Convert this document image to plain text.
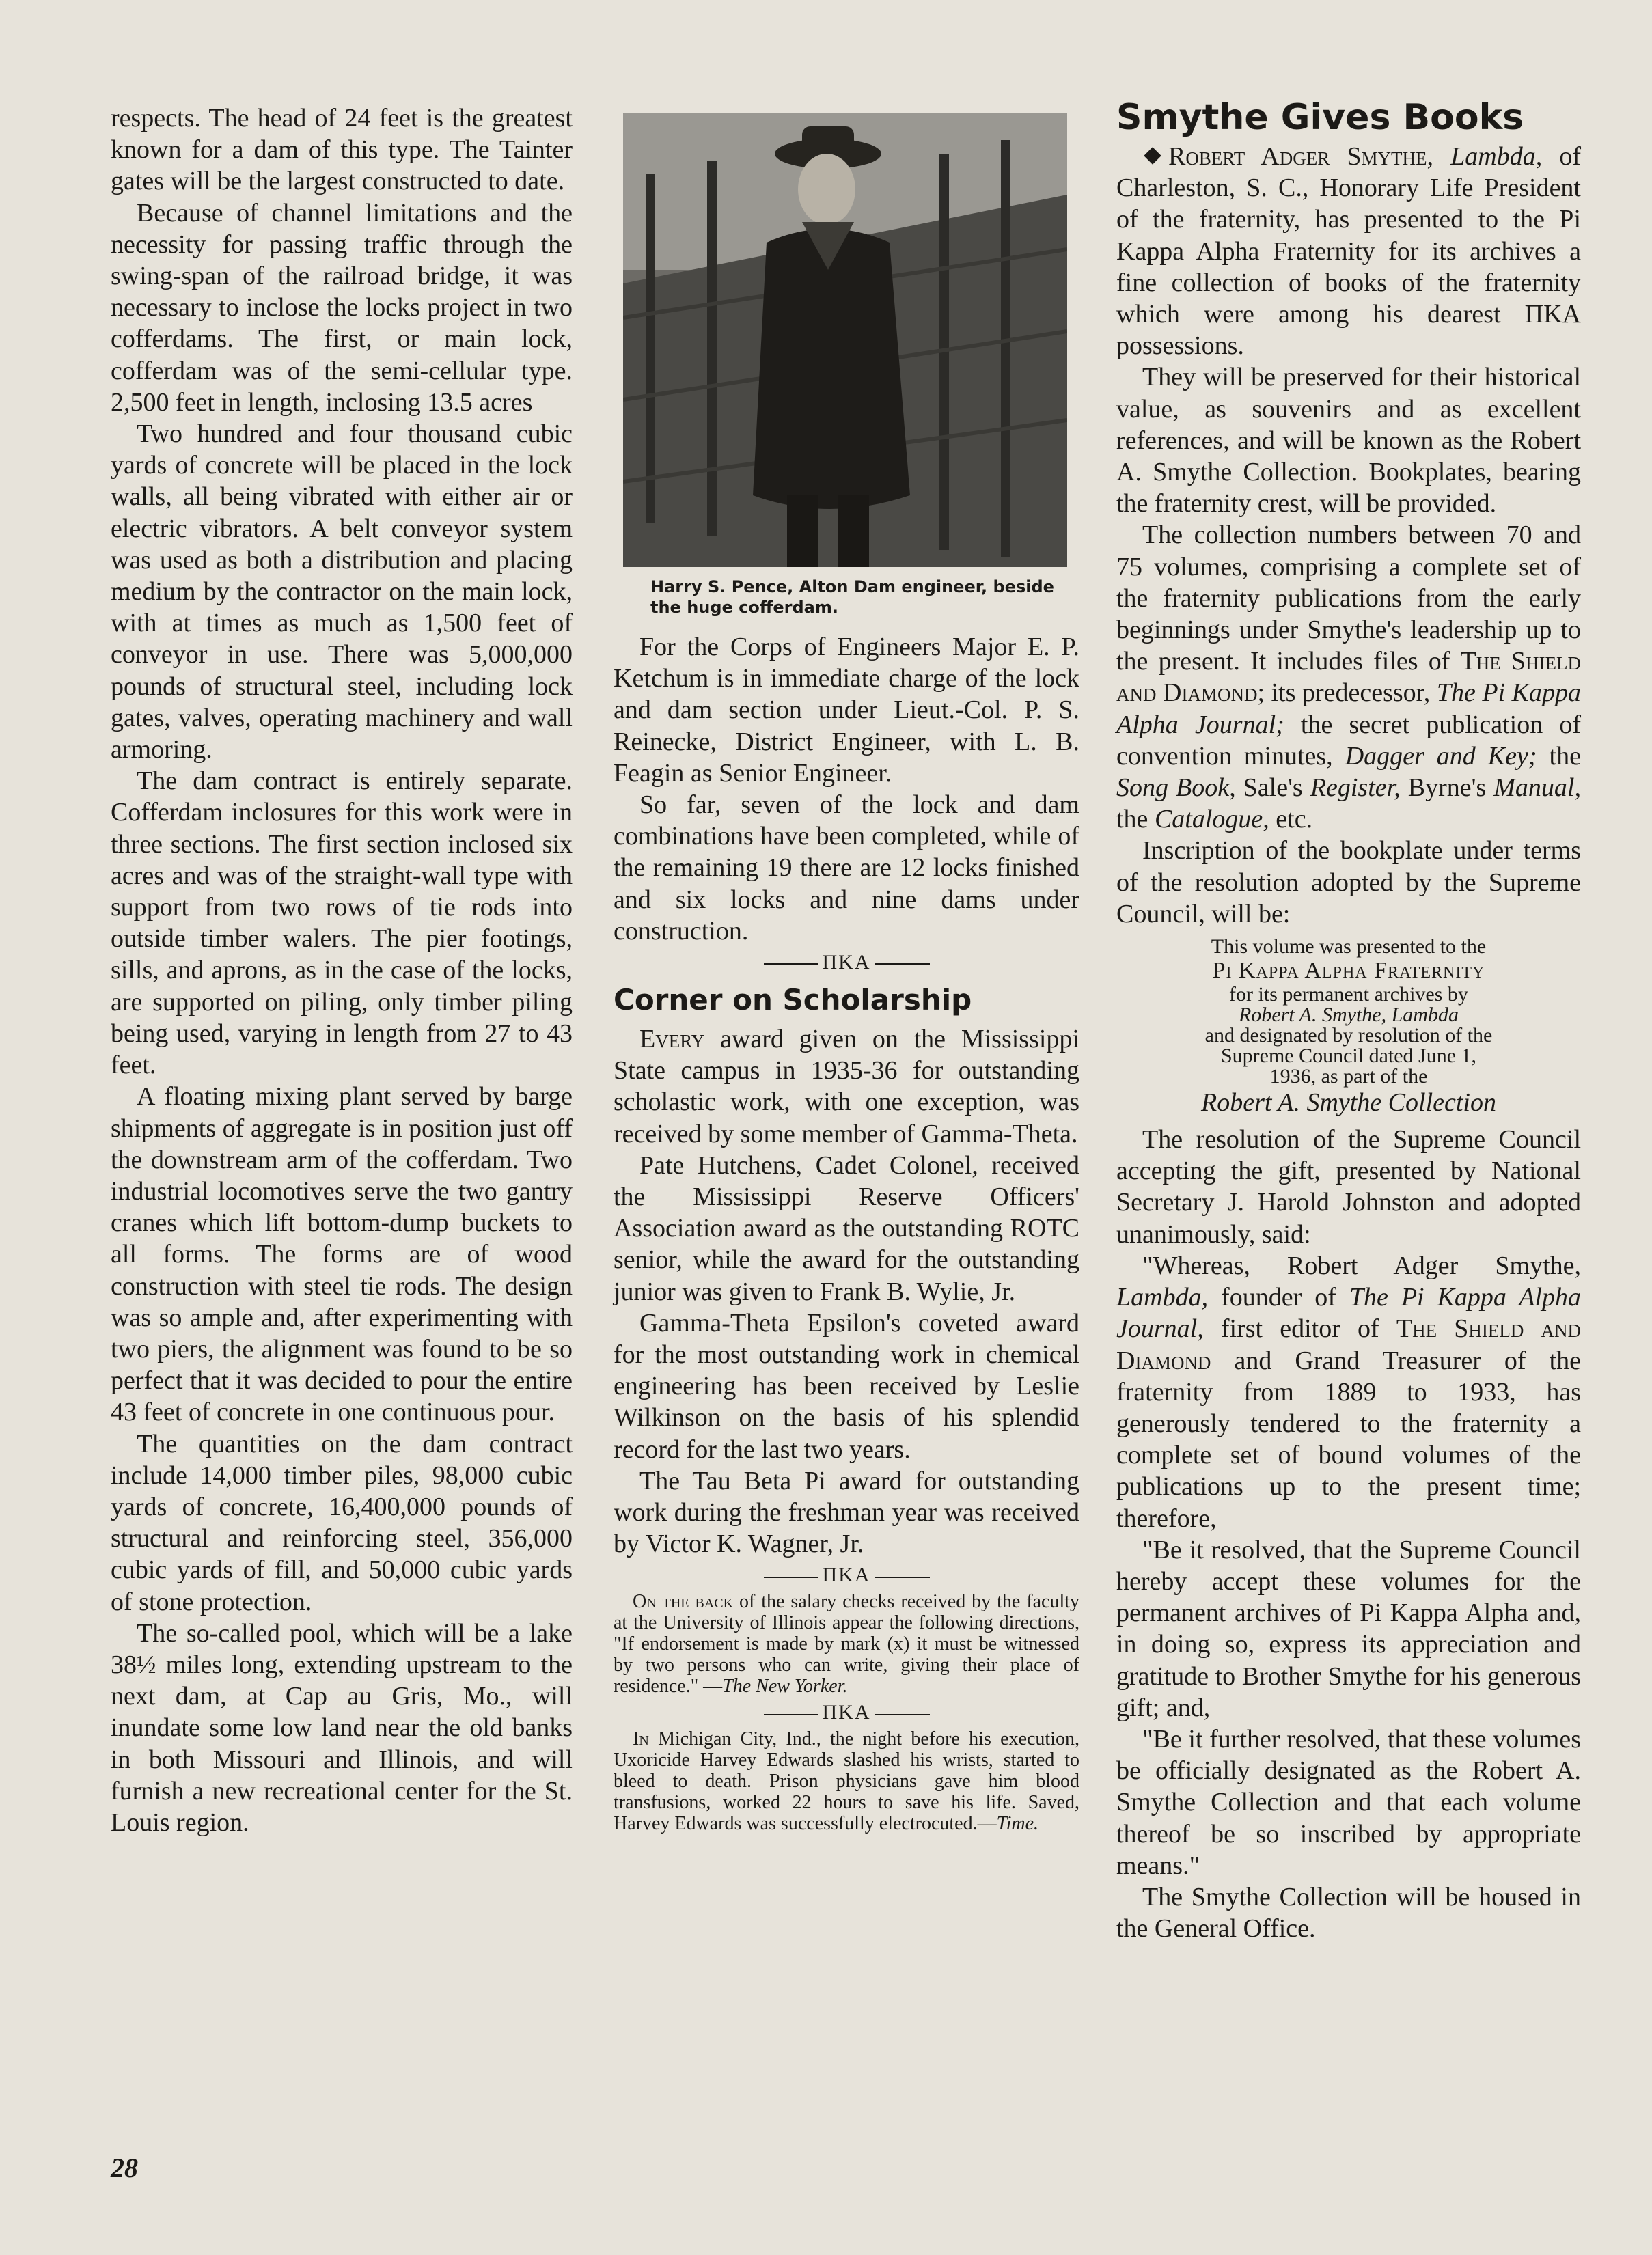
respects. The head of 24 feet is the greatest known for a dam of this type. The Tainter gates will be the largest constructed to date.

Because of channel limitations and the necessity for passing traffic through the swing-span of the railroad bridge, it was necessary to inclose the locks project in two cofferdams. The first, or main lock, cofferdam was of the semi-cellular type. 2,500 feet in length, inclosing 13.5 acres

Two hundred and four thousand cubic yards of concrete will be placed in the lock walls, all being vibrated with either air or electric vibrators. A belt conveyor system was used as both a distribution and placing medium by the contractor on the main lock, with at times as much as 1,500 feet of conveyor in use. There was 5,000,000 pounds of structural steel, including lock gates, valves, operating machinery and wall armoring.

The dam contract is entirely separate. Cofferdam inclosures for this work were in three sections. The first section inclosed six acres and was of the straight-wall type with support from two rows of tie rods into outside timber walers. The pier footings, sills, and aprons, as in the case of the locks, are supported on piling, only timber piling being used, varying in length from 27 to 43 feet.

A floating mixing plant served by barge shipments of aggregate is in position just off the downstream arm of the cofferdam. Two industrial locomotives serve the two gantry cranes which lift bottom-dump buckets to all forms. The forms are of wood construction with steel tie rods. The design was so ample and, after experimenting with two piers, the alignment was found to be so perfect that it was decided to pour the entire 43 feet of concrete in one continuous pour.

The quantities on the dam contract include 14,000 timber piles, 98,000 cubic yards of concrete, 16,400,000 pounds of structural and reinforcing steel, 356,000 cubic yards of fill, and 50,000 cubic yards of stone protection.

The so-called pool, which will be a lake 38½ miles long, extending upstream to the next dam, at Cap au Gris, Mo., will inundate some low land near the old banks in both Missouri and Illinois, and will furnish a new recreational center for the St. Louis region.

Harry S. Pence, Alton Dam engineer, beside the huge cofferdam.

For the Corps of Engineers Major E. P. Ketchum is in immediate charge of the lock and dam section under Lieut.-Col. P. S. Reinecke, District Engineer, with L. B. Feagin as Senior Engineer.

So far, seven of the lock and dam combinations have been completed, while of the remaining 19 there are 12 locks finished and six locks and nine dams under construction.

ΠΚΑ
Corner on Scholarship

Every award given on the Mississippi State campus in 1935-36 for outstanding scholastic work, with one exception, was received by some member of Gamma-Theta.

Pate Hutchens, Cadet Colonel, received the Mississippi Reserve Officers' Association award as the outstanding ROTC senior, while the award for the outstanding junior was given to Frank B. Wylie, Jr.

Gamma-Theta Epsilon's coveted award for the most outstanding work in chemical engineering has been received by Leslie Wilkinson on the basis of his splendid record for the last two years.

The Tau Beta Pi award for outstanding work during the freshman year was received by Victor K. Wagner, Jr.

ΠΚΑ

On the back of the salary checks received by the faculty at the University of Illinois appear the following directions, "If endorsement is made by mark (x) it must be witnessed by two persons who can write, giving their place of residence." —The New Yorker.

ΠΚΑ

In Michigan City, Ind., the night before his execution, Uxoricide Harvey Edwards slashed his wrists, started to bleed to death. Prison physicians gave him blood transfusions, worked 22 hours to save his life. Saved, Harvey Edwards was successfully electrocuted.—Time.

Smythe Gives Books

Robert Adger Smythe, Lambda, of Charleston, S. C., Honorary Life President of the fraternity, has presented to the Pi Kappa Alpha Fraternity for its archives a fine collection of books of the fraternity which were among his dearest ΠΚΑ possessions.

They will be preserved for their historical value, as souvenirs and as excellent references, and will be known as the Robert A. Smythe Collection. Bookplates, bearing the fraternity crest, will be provided.

The collection numbers between 70 and 75 volumes, comprising a complete set of the fraternity publications from the early beginnings under Smythe's leadership up to the present. It includes files of The Shield and Diamond; its predecessor, The Pi Kappa Alpha Journal; the secret publication of convention minutes, Dagger and Key; the Song Book, Sale's Register, Byrne's Manual, the Catalogue, etc.

Inscription of the bookplate under terms of the resolution adopted by the Supreme Council, will be:

This volume was presented to the
Pi Kappa Alpha Fraternity
for its permanent archives by
Robert A. Smythe, Lambda
and designated by resolution of the
Supreme Council dated June 1,
1936, as part of the
Robert A. Smythe Collection

The resolution of the Supreme Council accepting the gift, presented by National Secretary J. Harold Johnston and adopted unanimously, said:

"Whereas, Robert Adger Smythe, Lambda, founder of The Pi Kappa Alpha Journal, first editor of The Shield and Diamond and Grand Treasurer of the fraternity from 1889 to 1933, has generously tendered to the fraternity a complete set of bound volumes of the publications up to the present time; therefore,

"Be it resolved, that the Supreme Council hereby accept these volumes for the permanent archives of Pi Kappa Alpha and, in doing so, express its appreciation and gratitude to Brother Smythe for his generous gift; and,

"Be it further resolved, that these volumes be officially designated as the Robert A. Smythe Collection and that each volume thereof be so inscribed by appropriate means."

The Smythe Collection will be housed in the General Office.

28
